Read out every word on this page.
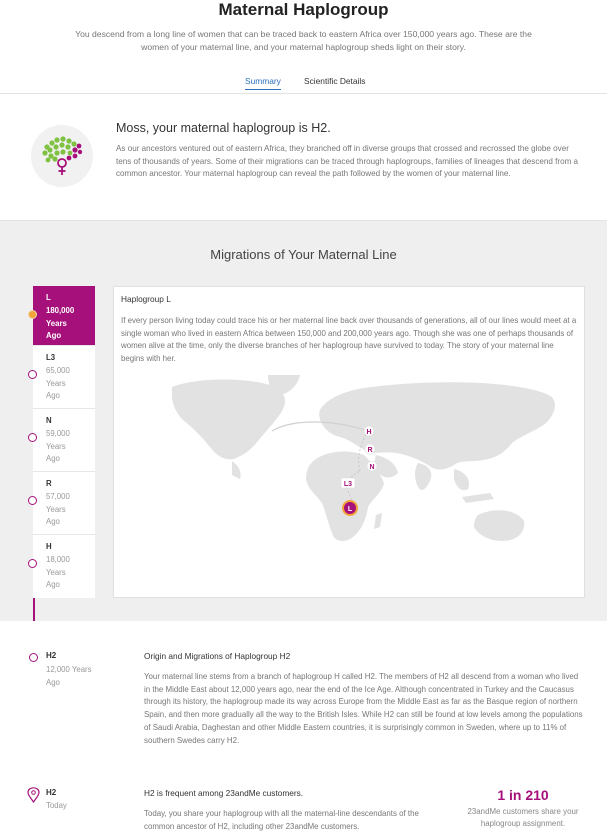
Maternal Haplogroup
You descend from a long line of women that can be traced back to eastern Africa over 150,000 years ago. These are the women of your maternal line, and your maternal haplogroup sheds light on their story.
Summary	Scientific Details
Moss, your maternal haplogroup is H2.
As our ancestors ventured out of eastern Africa, they branched off in diverse groups that crossed and recrossed the globe over tens of thousands of years. Some of their migrations can be traced through haplogroups, families of lineages that descend from a common ancestor. Your maternal haplogroup can reveal the path followed by the women of your maternal line.
Migrations of Your Maternal Line
L
180,000
Years
Ago
L3
65,000
Years
Ago
N
59,000
Years
Ago
R
57,000
Years
Ago
H
18,000
Years
Ago
Haplogroup L
If every person living today could trace his or her maternal line back over thousands of generations, all of our lines would meet at a single woman who lived in eastern Africa between 150,000 and 200,000 years ago. Though she was one of perhaps thousands of women alive at the time, only the diverse branches of her haplogroup have survived to today. The story of your maternal line begins with her.
H
R
N
L3
L
H2
12,000 Years Ago
Origin and Migrations of Haplogroup H2
Your maternal line stems from a branch of haplogroup H called H2. The members of H2 all descend from a woman who lived in the Middle East about 12,000 years ago, near the end of the Ice Age. Although concentrated in Turkey and the Caucasus through its history, the haplogroup made its way across Europe from the Middle East as far as the Basque region of northern Spain, and then more gradually all the way to the British Isles. While H2 can still be found at low levels among the populations of Saudi Arabia, Daghestan and other Middle Eastern countries, it is surprisingly common in Sweden, where up to 11% of southern Swedes carry H2.
H2
Today
H2 is frequent among 23andMe customers.
Today, you share your haplogroup with all the maternal-line descendants of the common ancestor of H2, including other 23andMe customers.
1 in 210
23andMe customers share your haplogroup assignment.
